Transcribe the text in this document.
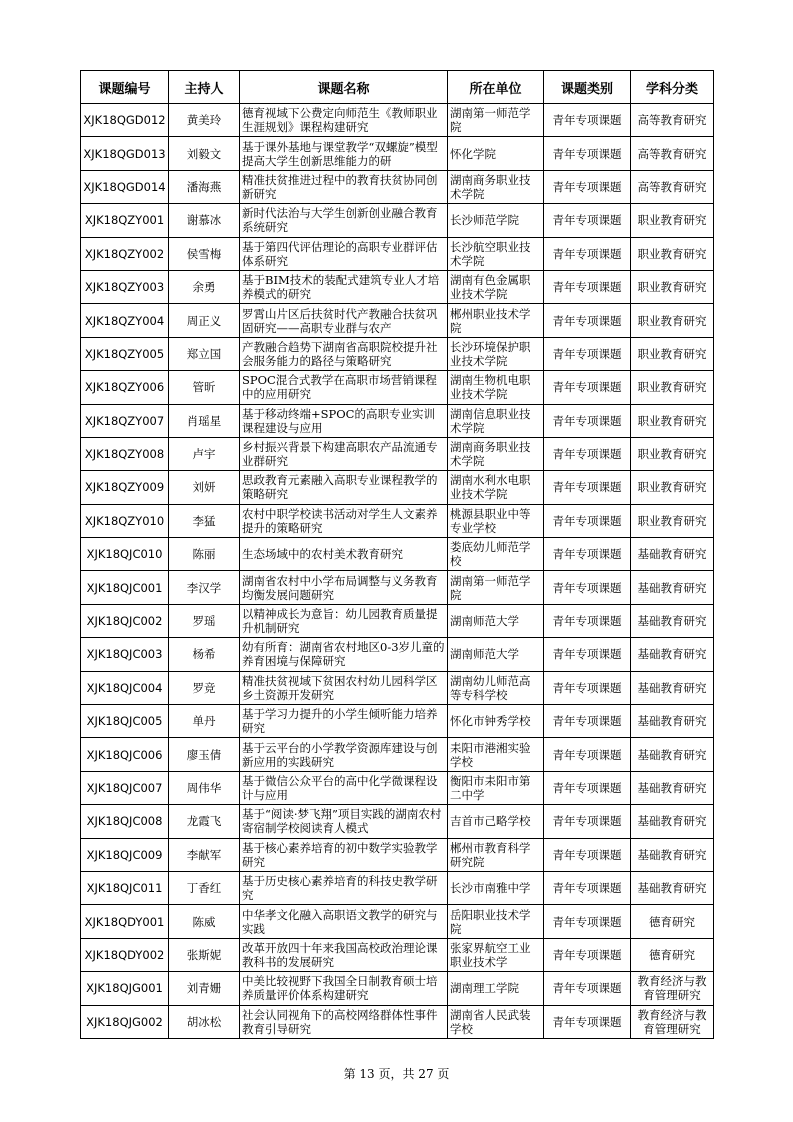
课题编号	主持人	课题名称	所在单位	课题类别	学科分类

XJK18QGD012	黄美玲	德育视域下公费定向师范生《教师职业生涯规划》课程构建研究	湖南第一师范学院	青年专项课题	高等教育研究

XJK18QGD013	刘毅文	基于课外基地与课堂教学“双螺旋”模型提高大学生创新思维能力的研	怀化学院	青年专项课题	高等教育研究

XJK18QGD014	潘海燕	精准扶贫推进过程中的教育扶贫协同创新研究	湖南商务职业技术学院	青年专项课题	高等教育研究

XJK18QZY001	谢慕冰	新时代法治与大学生创新创业融合教育系统研究	长沙师范学院	青年专项课题	职业教育研究

XJK18QZY002	侯雪梅	基于第四代评估理论的高职专业群评估体系研究	长沙航空职业技术学院	青年专项课题	职业教育研究

XJK18QZY003	余勇	基于BIM技术的装配式建筑专业人才培养模式的研究	湖南有色金属职业技术学院	青年专项课题	职业教育研究

XJK18QZY004	周正义	罗霄山片区后扶贫时代产教融合扶贫巩固研究——高职专业群与农产	郴州职业技术学院	青年专项课题	职业教育研究

XJK18QZY005	郑立国	产教融合趋势下湖南省高职院校提升社会服务能力的路径与策略研究	长沙环境保护职业技术学院	青年专项课题	职业教育研究

XJK18QZY006	管昕	SPOC混合式教学在高职市场营销课程中的应用研究	湖南生物机电职业技术学院	青年专项课题	职业教育研究

XJK18QZY007	肖瑶星	基于移动终端+SPOC的高职专业实训课程建设与应用	湖南信息职业技术学院	青年专项课题	职业教育研究

XJK18QZY008	卢宇	乡村振兴背景下构建高职农产品流通专业群研究	湖南商务职业技术学院	青年专项课题	职业教育研究

XJK18QZY009	刘妍	思政教育元素融入高职专业课程教学的策略研究	湖南水利水电职业技术学院	青年专项课题	职业教育研究

XJK18QZY010	李猛	农村中职学校读书活动对学生人文素养提升的策略研究	桃源县职业中等专业学校	青年专项课题	职业教育研究

XJK18QJC010	陈丽	生态场域中的农村美术教育研究	娄底幼儿师范学校	青年专项课题	基础教育研究

XJK18QJC001	李汉学	湖南省农村中小学布局调整与义务教育均衡发展问题研究	湖南第一师范学院	青年专项课题	基础教育研究

XJK18QJC002	罗瑶	以精神成长为意旨：幼儿园教育质量提升机制研究	湖南师范大学	青年专项课题	基础教育研究

XJK18QJC003	杨希	幼有所育：湖南省农村地区0-3岁儿童的养育困境与保障研究	湖南师范大学	青年专项课题	基础教育研究

XJK18QJC004	罗竞	精准扶贫视域下贫困农村幼儿园科学区乡土资源开发研究	湖南幼儿师范高等专科学校	青年专项课题	基础教育研究

XJK18QJC005	单丹	基于学习力提升的小学生倾听能力培养研究	怀化市钟秀学校	青年专项课题	基础教育研究

XJK18QJC006	廖玉倩	基于云平台的小学教学资源库建设与创新应用的实践研究	耒阳市港湘实验学校	青年专项课题	基础教育研究

XJK18QJC007	周伟华	基于微信公众平台的高中化学微课程设计与应用	衡阳市耒阳市第二中学	青年专项课题	基础教育研究

XJK18QJC008	龙霞飞	基于“阅读·梦飞翔”项目实践的湖南农村寄宿制学校阅读育人模式	吉首市己略学校	青年专项课题	基础教育研究

XJK18QJC009	李献军	基于核心素养培育的初中数学实验教学研究	郴州市教育科学研究院	青年专项课题	基础教育研究

XJK18QJC011	丁香红	基于历史核心素养培育的科技史教学研究	长沙市南雅中学	青年专项课题	基础教育研究

XJK18QDY001	陈威	中华孝文化融入高职语文教学的研究与实践	岳阳职业技术学院	青年专项课题	德育研究

XJK18QDY002	张斯妮	改革开放四十年来我国高校政治理论课教科书的发展研究	张家界航空工业职业技术学	青年专项课题	德育研究

XJK18QJG001	刘青姗	中美比较视野下我国全日制教育硕士培养质量评价体系构建研究	湖南理工学院	青年专项课题	教育经济与教育管理研究

XJK18QJG002	胡冰松	社会认同视角下的高校网络群体性事件教育引导研究	湖南省人民武装学校	青年专项课题	教育经济与教育管理研究
第 13 页，共 27 页
